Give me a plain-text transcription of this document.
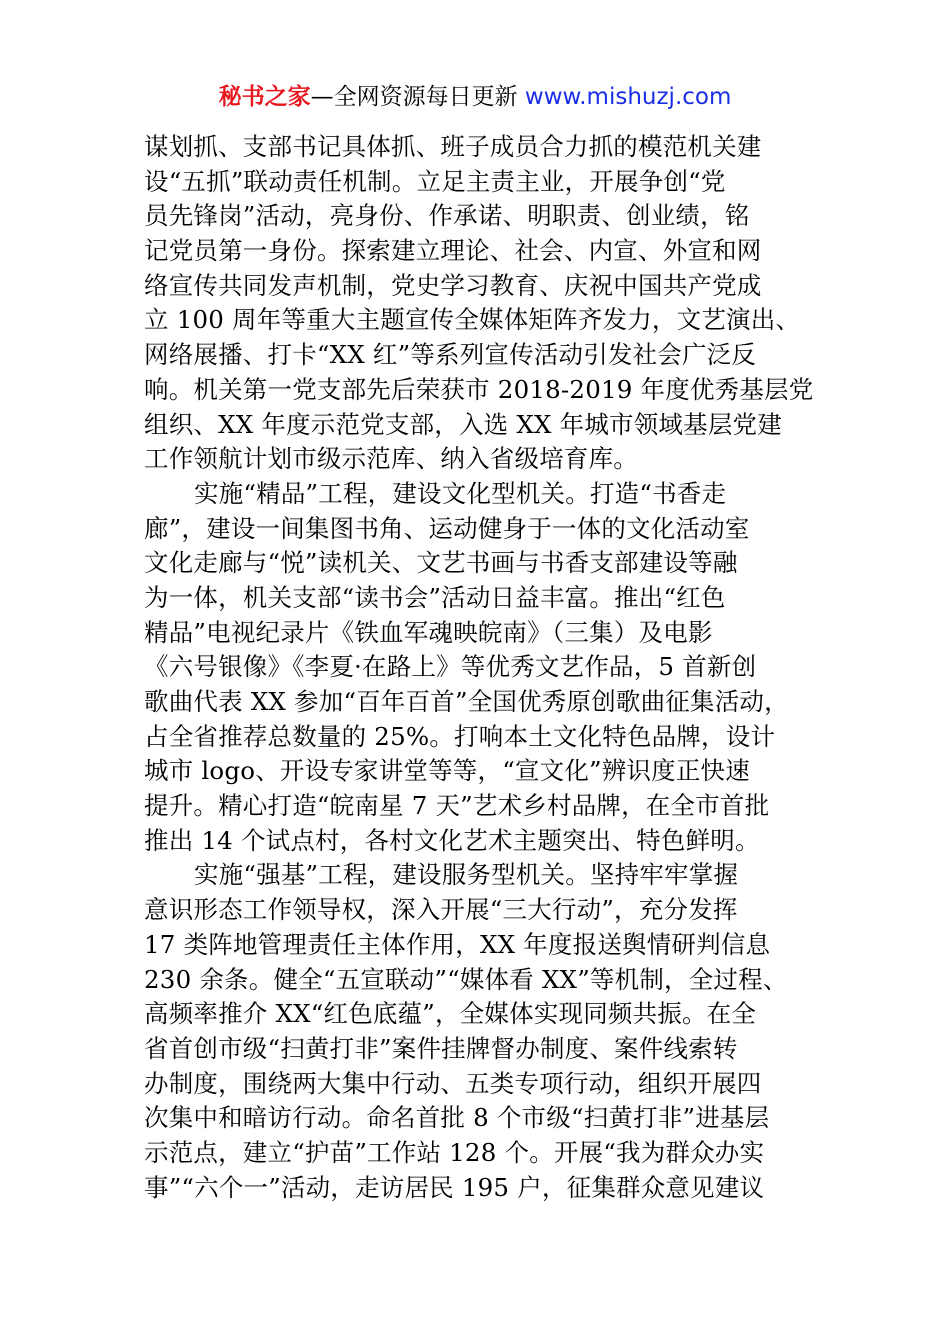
秘书之家—全网资源每日更新 www.mishuzj.com
谋划抓、支部书记具体抓、班子成员合力抓的模范机关建
设“五抓”联动责任机制。立足主责主业，开展争创“党
员先锋岗”活动，亮身份、作承诺、明职责、创业绩，铭
记党员第一身份。探索建立理论、社会、内宣、外宣和网
络宣传共同发声机制，党史学习教育、庆祝中国共产党成
立 100 周年等重大主题宣传全媒体矩阵齐发力，文艺演出、
网络展播、打卡“XX 红”等系列宣传活动引发社会广泛反
响。机关第一党支部先后荣获市 2018-2019 年度优秀基层党
组织、XX 年度示范党支部，入选 XX 年城市领域基层党建
工作领航计划市级示范库、纳入省级培育库。
实施“精品”工程，建设文化型机关。打造“书香走
廊”，建设一间集图书角、运动健身于一体的文化活动室
文化走廊与“悦”读机关、文艺书画与书香支部建设等融
为一体，机关支部“读书会”活动日益丰富。推出“红色
精品”电视纪录片《铁血军魂映皖南》（三集）及电影
《六号银像》《李夏·在路上》等优秀文艺作品，5 首新创
歌曲代表 XX 参加“百年百首”全国优秀原创歌曲征集活动，
占全省推荐总数量的 25%。打响本土文化特色品牌，设计
城市 logo、开设专家讲堂等等，“宣文化”辨识度正快速
提升。精心打造“皖南星 7 天”艺术乡村品牌，在全市首批
推出 14 个试点村，各村文化艺术主题突出、特色鲜明。
实施“强基”工程，建设服务型机关。坚持牢牢掌握
意识形态工作领导权，深入开展“三大行动”，充分发挥
17 类阵地管理责任主体作用，XX 年度报送舆情研判信息
230 余条。健全“五宣联动”“媒体看 XX”等机制，全过程、
高频率推介 XX“红色底蕴”，全媒体实现同频共振。在全
省首创市级“扫黄打非”案件挂牌督办制度、案件线索转
办制度，围绕两大集中行动、五类专项行动，组织开展四
次集中和暗访行动。命名首批 8 个市级“扫黄打非”进基层
示范点，建立“护苗”工作站 128 个。开展“我为群众办实
事”“六个一”活动，走访居民 195 户，征集群众意见建议
